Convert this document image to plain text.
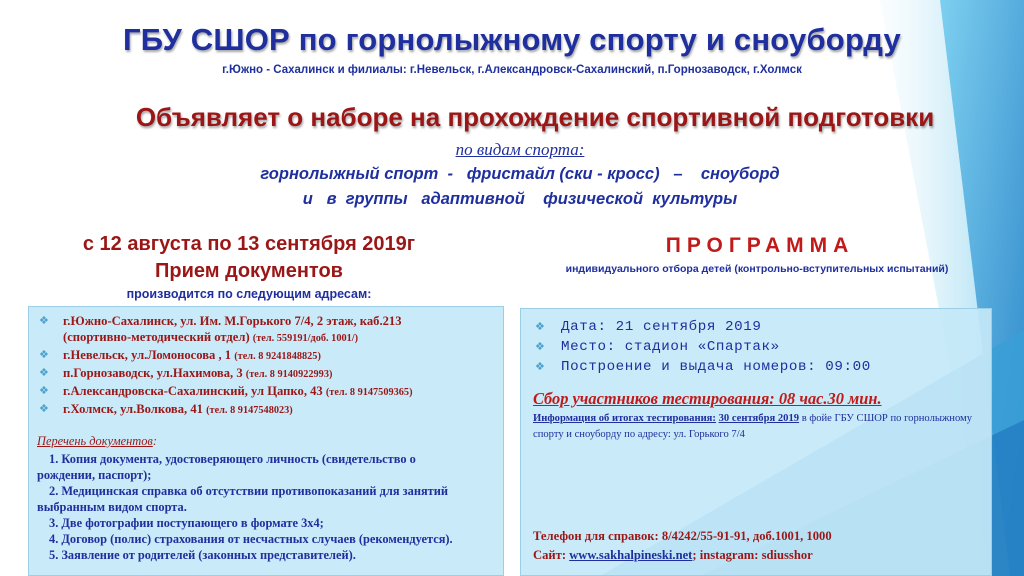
ГБУ СШОР по горнолыжному спорту и сноуборду
г.Южно - Сахалинск и филиалы: г.Невельск, г.Александровск-Сахалинский, п.Горнозаводск, г.Холмск
Объявляет о наборе на прохождение спортивной подготовки
по видам спорта:
горнолыжный спорт  -   фристайл (ски - кросс)   –    сноуборд
и   в  группы   адаптивной    физической  культуры
с 12 августа по 13 сентября 2019г
Прием документов
производится по следующим адресам:
ПРОГРАММА
индивидуального отбора детей (контрольно-вступительных испытаний)
❖ г.Южно-Сахалинск, ул. Им. М.Горького 7/4, 2 этаж, каб.213
(спортивно-методический отдел) (тел. 559191/доб. 1001/)
❖ г.Невельск, ул.Ломоносова , 1 (тел. 8 9241848825)
❖ п.Горнозаводск, ул.Нахимова, 3 (тел. 8 9140922993)
❖ г.Александровска-Сахалинский, ул Цапко, 43 (тел. 8 9147509365)
❖ г.Холмск, ул.Волкова, 41 (тел. 8 9147548023)
Перечень документов:
1. Копия документа, удостоверяющего личность (свидетельство о
рождении, паспорт);
2. Медицинская справка об отсутствии противопоказаний для занятий
выбранным видом спорта.
3. Две фотографии поступающего в формате 3х4;
4. Договор (полис) страхования от несчастных случаев (рекомендуется).
5. Заявление от родителей (законных представителей).
❖ Дата: 21 сентября 2019
❖ Место: стадион «Спартак»
❖ Построение и выдача номеров: 09:00
Сбор участников тестирования: 08 час.30 мин.
Информация об итогах тестирования: 30 сентября 2019 в фойе ГБУ СШОР по горнолыжному спорту и сноуборду по адресу: ул. Горького 7/4
Телефон для справок: 8/4242/55-91-91, доб.1001, 1000
Сайт: www.sakhalpineski.net; instagram: sdiusshor
